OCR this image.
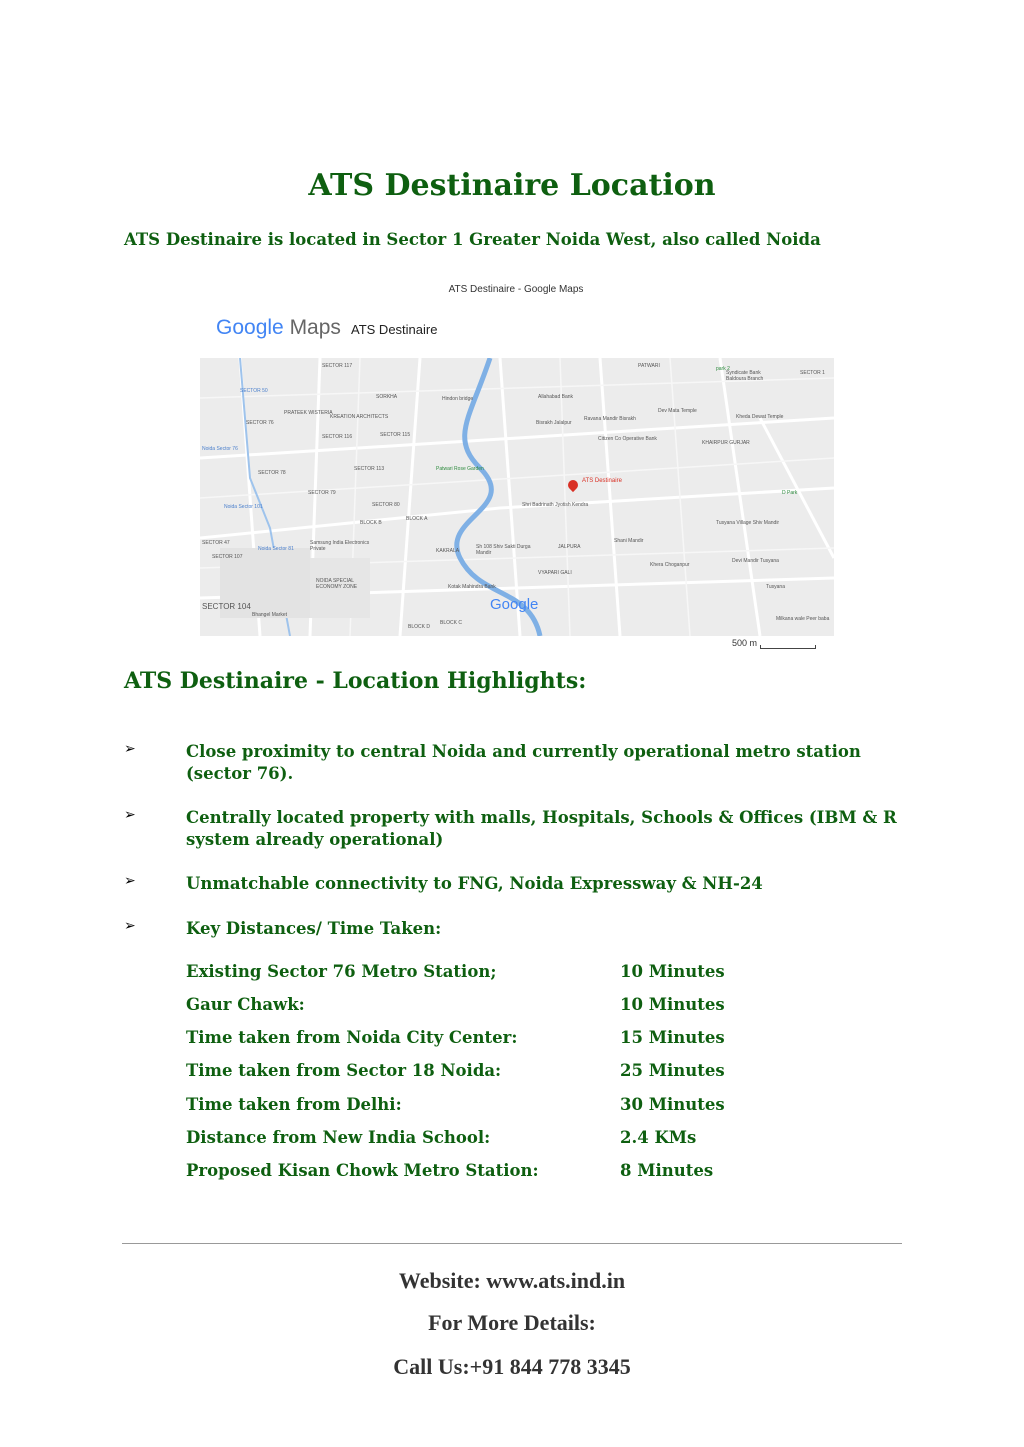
ATS Destinaire Location
ATS Destinaire is located in Sector 1 Greater Noida West, also called Noida
ATS Destinaire - Google Maps
Google Maps ATS Destinaire
ATS Destinaire
SECTOR 117	PATWARI
SECTOR 50
SORKHA	Hindon bridge	Allahabad Bank
Ravana Mandir Bisrakh
Dev Mata Temple
Kheda Dewat Temple
PRATEEK WISTERIA
KREATION ARCHITECTS
SECTOR 76
SECTOR 116	SECTOR 115
Bisrakh Jalalpur
Citizen Co Operative Bank
KHAIRPUR GURJAR
Noida Sector 76
SECTOR 78
SECTOR 113	Patwari Rose Garden
SECTOR 79
SECTOR 80	Shri Badrinath Jyotish Kendra
D Park
Noida Sector 101
BLOCK B
BLOCK A
Samsung India Electronics Private
Tusyana Village Shiv Mandir
SECTOR 47
SECTOR 107
Noida Sector 81	KAKRALA
Sh 108 Shiv Sakti Durga Mandir
JALPURA
Shani Mandir
Devi Mandir Tusyana
Khera Choganpur
NOIDA SPECIAL ECONOMY ZONE
VYAPARI GALI
Kotak Mahindra Bank	Tusyana
SECTOR 104
Bhangel Market
BLOCK D
BLOCK C
Milkana wale Peer baba
SECTOR 1
park 2
Syndicate Bank Baldoura Branch
Google
500 m
ATS Destinaire - Location Highlights:
➢	Close proximity to central Noida and currently operational metro station (sector 76).
➢	Centrally located property with malls, Hospitals, Schools & Offices (IBM & R system already operational)
➢	Unmatchable connectivity to FNG, Noida Expressway & NH-24
➢	Key Distances/ Time Taken:
Existing Sector 76 Metro Station;	10 Minutes
Gaur Chawk:	10 Minutes
Time taken from Noida City Center:	15 Minutes
Time taken from Sector 18 Noida:	25 Minutes
Time taken from Delhi:	30 Minutes
Distance from New India School:	2.4 KMs
Proposed Kisan Chowk Metro Station:	8 Minutes
Website: www.ats.ind.in
For More Details:
Call Us:+91 844 778 3345
